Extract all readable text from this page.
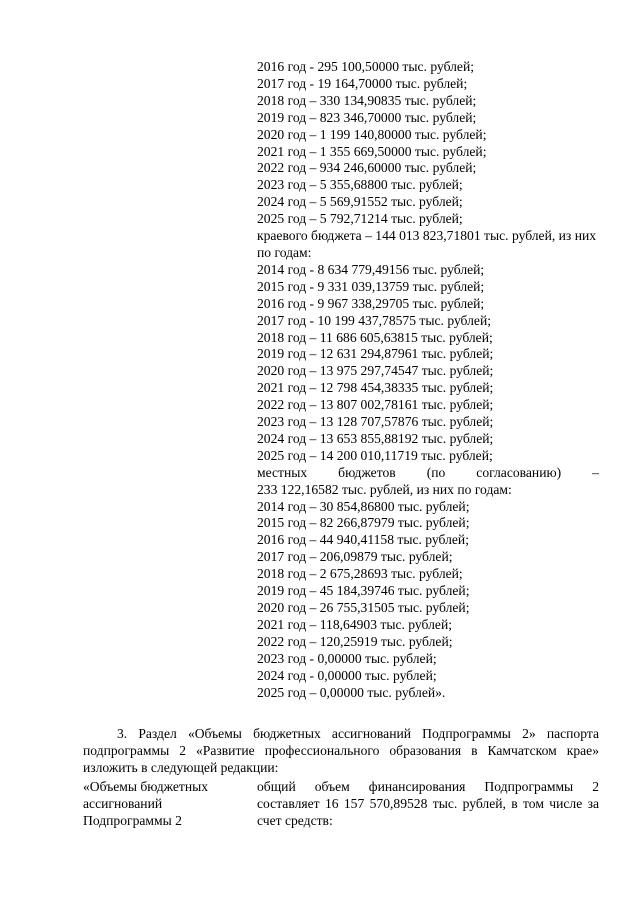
2016 год - 295 100,50000 тыс. рублей;
2017 год - 19 164,70000 тыс. рублей;
2018 год – 330 134,90835 тыс. рублей;
2019 год – 823 346,70000 тыс. рублей;
2020 год – 1 199 140,80000 тыс. рублей;
2021 год – 1 355 669,50000 тыс. рублей;
2022 год – 934 246,60000 тыс. рублей;
2023 год – 5 355,68800 тыс. рублей;
2024 год – 5 569,91552 тыс. рублей;
2025 год – 5 792,71214 тыс. рублей;
краевого бюджета – 144 013 823,71801 тыс. рублей, из них по годам:
2014 год - 8 634 779,49156 тыс. рублей;
2015 год - 9 331 039,13759 тыс. рублей;
2016 год - 9 967 338,29705 тыс. рублей;
2017 год - 10 199 437,78575 тыс. рублей;
2018 год – 11 686 605,63815 тыс. рублей;
2019 год – 12 631 294,87961 тыс. рублей;
2020 год – 13 975 297,74547 тыс. рублей;
2021 год – 12 798 454,38335 тыс. рублей;
2022 год – 13 807 002,78161 тыс. рублей;
2023 год – 13 128 707,57876 тыс. рублей;
2024 год – 13 653 855,88192 тыс. рублей;
2025 год – 14 200 010,11719 тыс. рублей;
местных бюджетов (по согласованию) –
233 122,16582 тыс. рублей, из них по годам:
2014 год – 30 854,86800 тыс. рублей;
2015 год – 82 266,87979 тыс. рублей;
2016 год – 44 940,41158 тыс. рублей;
2017 год – 206,09879 тыс. рублей;
2018 год – 2 675,28693 тыс. рублей;
2019 год – 45 184,39746 тыс. рублей;
2020 год – 26 755,31505 тыс. рублей;
2021 год – 118,64903 тыс. рублей;
2022 год – 120,25919 тыс. рублей;
2023 год - 0,00000 тыс. рублей;
2024 год - 0,00000 тыс. рублей;
2025 год – 0,00000 тыс. рублей».
3. Раздел «Объемы бюджетных ассигнований Подпрограммы 2» паспорта подпрограммы 2 «Развитие профессионального образования в Камчатском крае» изложить в следующей редакции:
«Объемы бюджетных
ассигнований
Подпрограммы 2
общий объем финансирования Подпрограммы 2 составляет 16 157 570,89528 тыс. рублей, в том числе за счет средств:
